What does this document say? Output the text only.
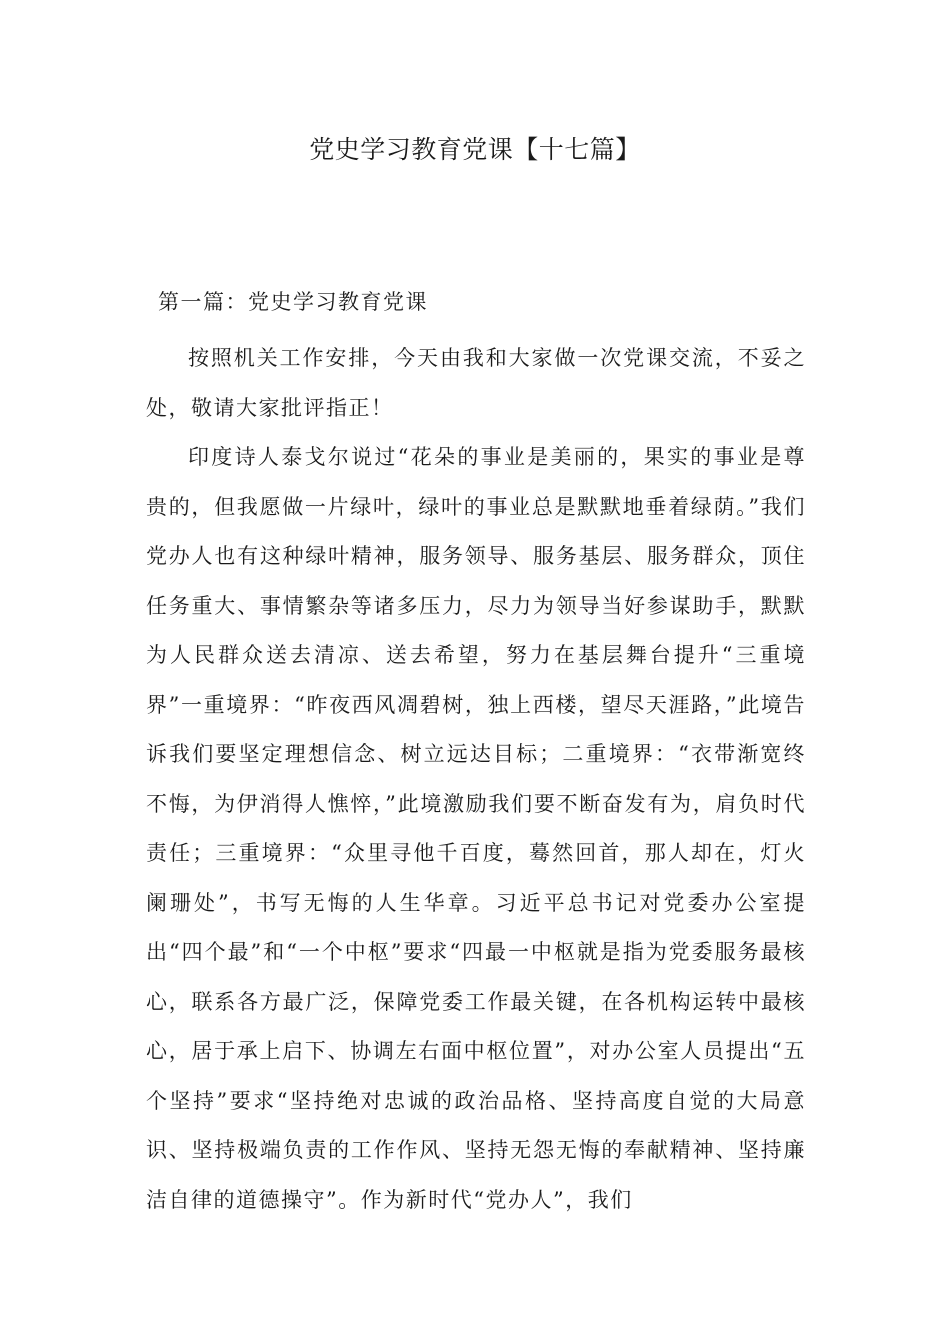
党史学习教育党课【十七篇】
第一篇：党史学习教育党课

按照机关工作安排，今天由我和大家做一次党课交流，不妥之处，敬请大家批评指正！

印度诗人泰戈尔说过“花朵的事业是美丽的，果实的事业是尊贵的，但我愿做一片绿叶，绿叶的事业总是默默地垂着绿荫。”我们党办人也有这种绿叶精神，服务领导、服务基层、服务群众，顶住任务重大、事情繁杂等诸多压力，尽力为领导当好参谋助手，默默为人民群众送去清凉、送去希望，努力在基层舞台提升“三重境界”一重境界：“昨夜西风凋碧树，独上西楼，望尽天涯路，”此境告诉我们要坚定理想信念、树立远达目标；二重境界：“衣带渐宽终不悔，为伊消得人憔悴，”此境激励我们要不断奋发有为，肩负时代责任；三重境界：“众里寻他千百度，蓦然回首，那人却在，灯火阑珊处”，书写无悔的人生华章。习近平总书记对党委办公室提出“四个最”和“一个中枢”要求“四最一中枢就是指为党委服务最核心，联系各方最广泛，保障党委工作最关键，在各机构运转中最核心，居于承上启下、协调左右面中枢位置”，对办公室人员提出“五个坚持”要求“坚持绝对忠诚的政治品格、坚持高度自觉的大局意识、坚持极端负责的工作作风、坚持无怨无悔的奉献精神、坚持廉洁自律的道德操守”。作为新时代“党办人”，我们
